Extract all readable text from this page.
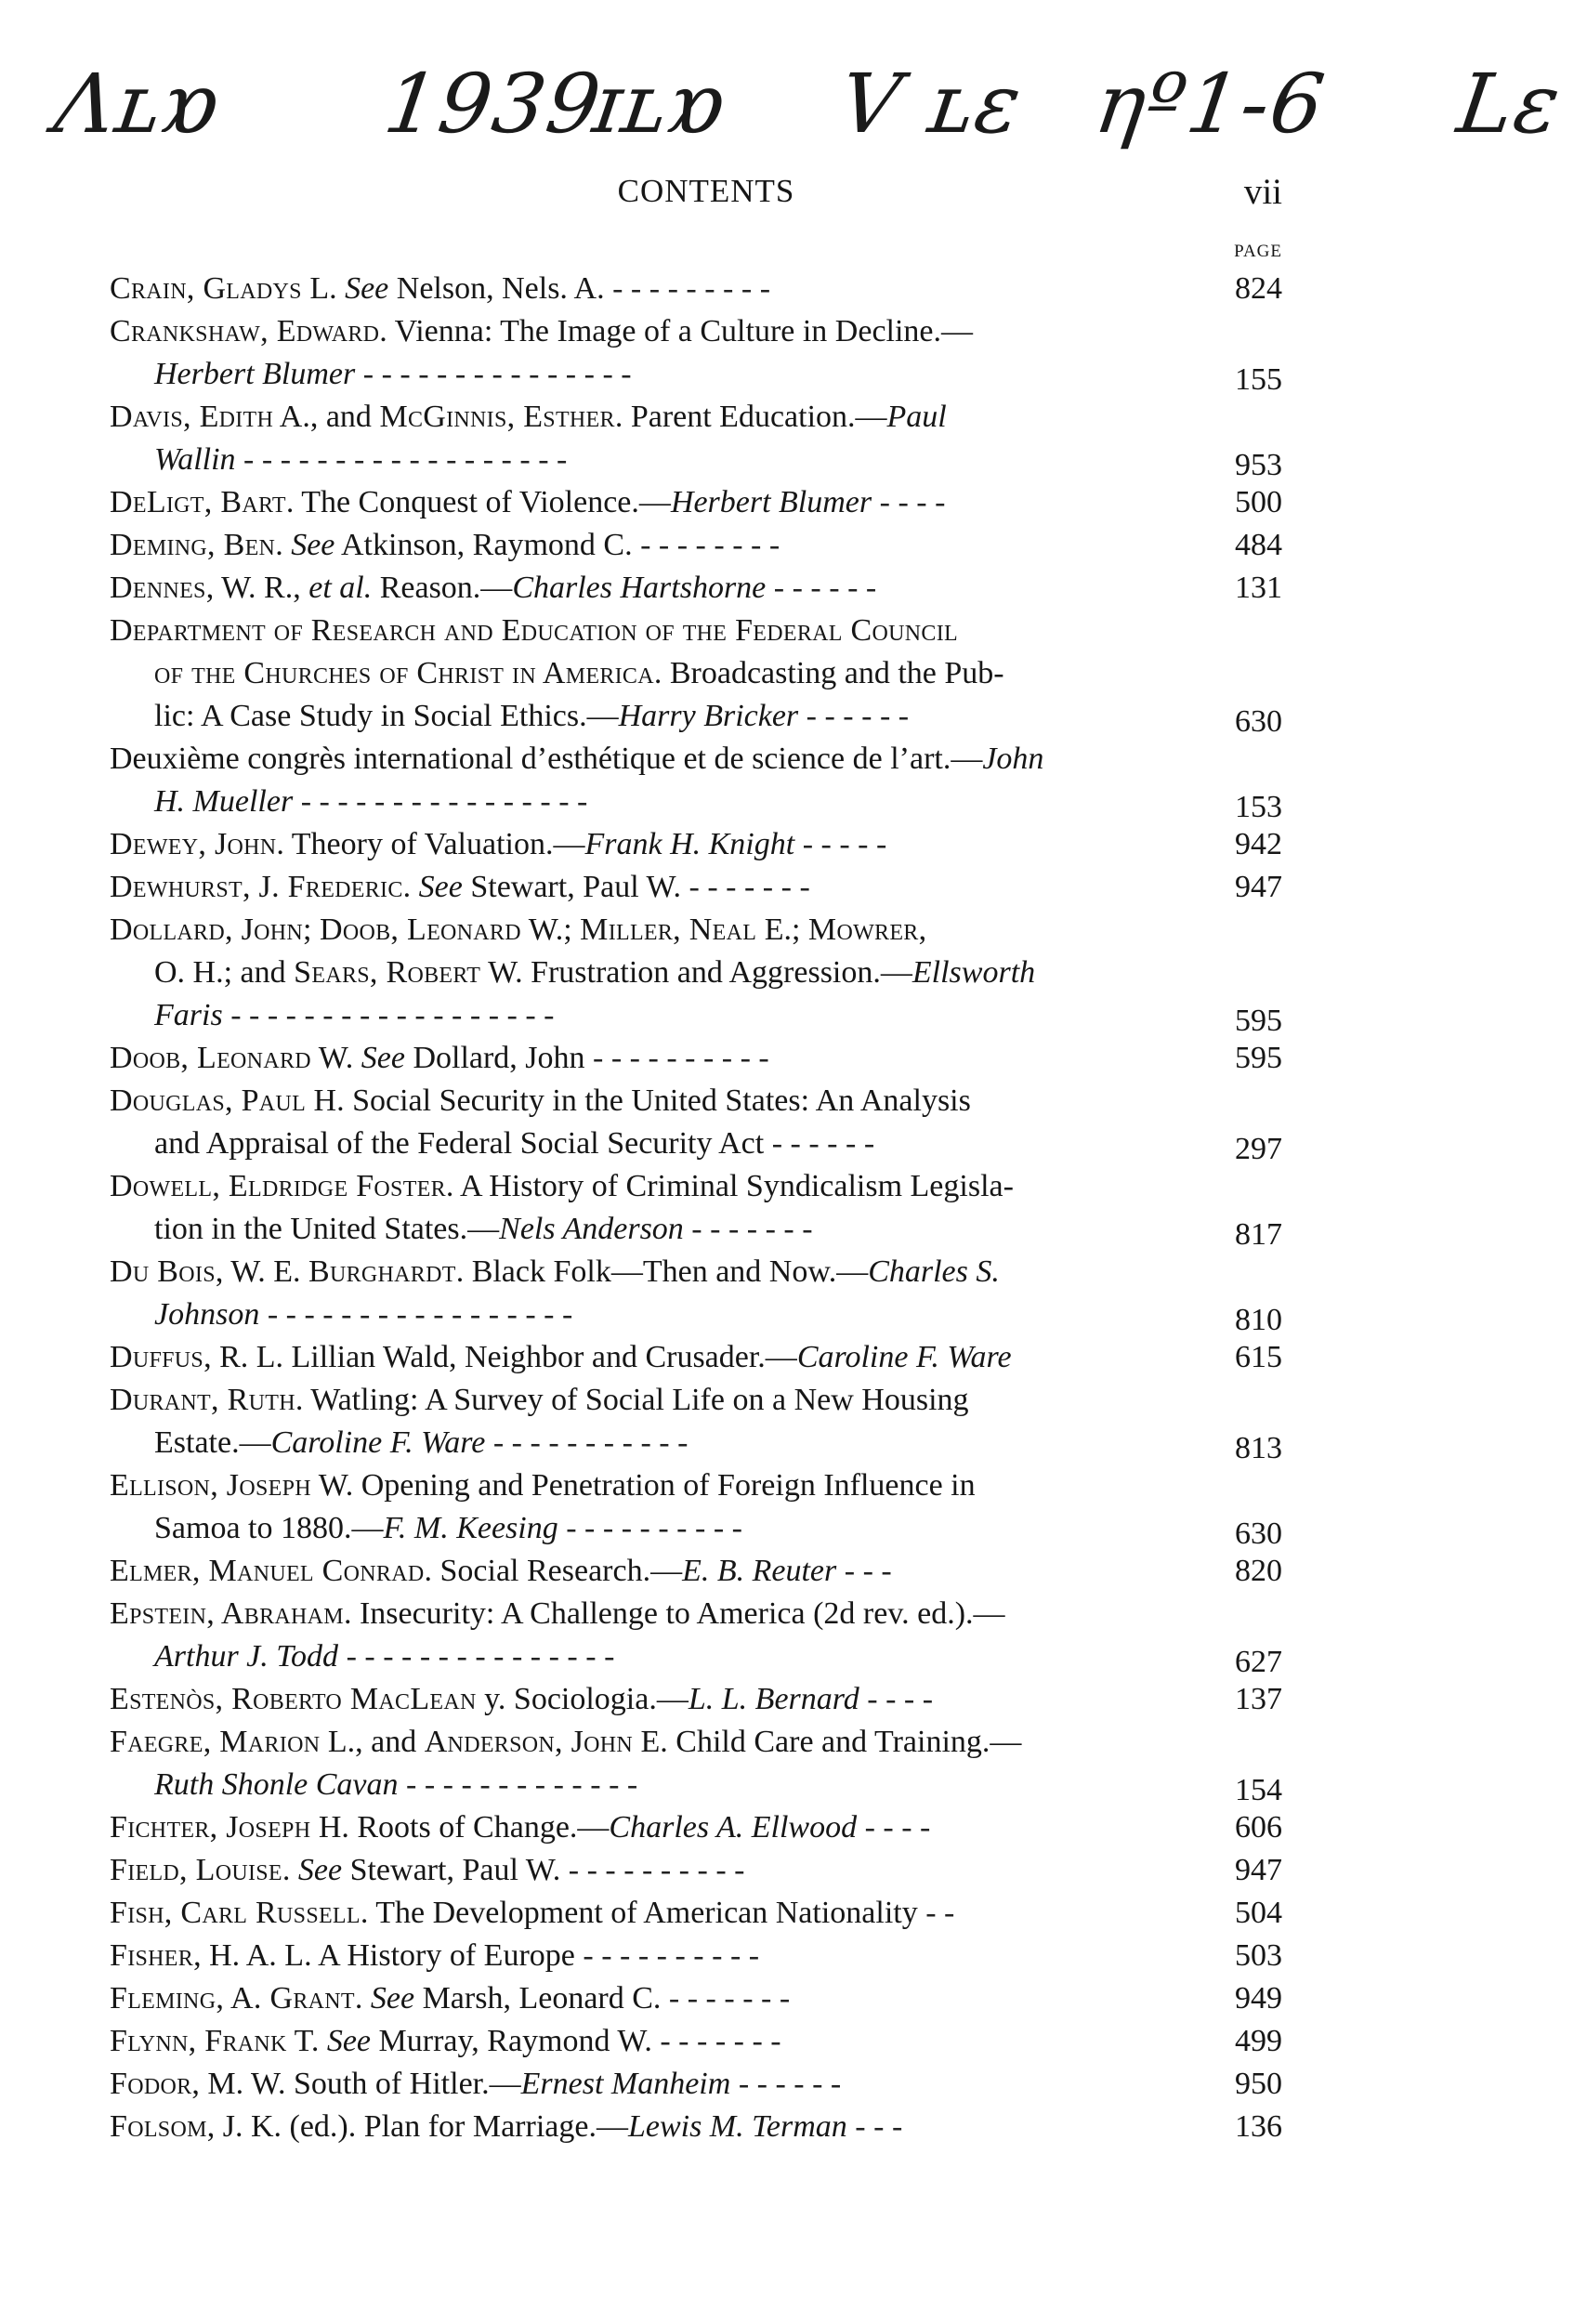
Λʟɒ 1939
ɪʟɒ V ʟε ηº1-6 Lε
CONTENTS	vii
PAGE
Crain, Gladys L. See Nelson, Nels. A. - - - - - - - - -	824
Crankshaw, Edward. Vienna: The Image of a Culture in Decline.—
Herbert Blumer - - - - - - - - - - - - - - -	155
Davis, Edith A., and McGinnis, Esther. Parent Education.—Paul
Wallin - - - - - - - - - - - - - - - - - -	953
DeLigt, Bart. The Conquest of Violence.—Herbert Blumer - - - -	500
Deming, Ben. See Atkinson, Raymond C. - - - - - - - -	484
Dennes, W. R., et al. Reason.—Charles Hartshorne - - - - - -	131
Department of Research and Education of the Federal Council
of the Churches of Christ in America. Broadcasting and the Pub-
lic: A Case Study in Social Ethics.—Harry Bricker - - - - - -	630
Deuxième congrès international d’esthétique et de science de l’art.—John
H. Mueller - - - - - - - - - - - - - - - -	153
Dewey, John. Theory of Valuation.—Frank H. Knight - - - - -	942
Dewhurst, J. Frederic. See Stewart, Paul W. - - - - - - -	947
Dollard, John; Doob, Leonard W.; Miller, Neal E.; Mowrer,
O. H.; and Sears, Robert W. Frustration and Aggression.—Ellsworth
Faris - - - - - - - - - - - - - - - - - -	595
Doob, Leonard W. See Dollard, John - - - - - - - - - -	595
Douglas, Paul H. Social Security in the United States: An Analysis
and Appraisal of the Federal Social Security Act - - - - - -	297
Dowell, Eldridge Foster. A History of Criminal Syndicalism Legisla-
tion in the United States.—Nels Anderson - - - - - - -	817
Du Bois, W. E. Burghardt. Black Folk—Then and Now.—Charles S.
Johnson - - - - - - - - - - - - - - - - -	810
Duffus, R. L. Lillian Wald, Neighbor and Crusader.—Caroline F. Ware	615
Durant, Ruth. Watling: A Survey of Social Life on a New Housing
Estate.—Caroline F. Ware - - - - - - - - - - -	813
Ellison, Joseph W. Opening and Penetration of Foreign Influence in
Samoa to 1880.—F. M. Keesing - - - - - - - - - -	630
Elmer, Manuel Conrad. Social Research.—E. B. Reuter - - -	820
Epstein, Abraham. Insecurity: A Challenge to America (2d rev. ed.).—
Arthur J. Todd - - - - - - - - - - - - - - -	627
Estenòs, Roberto MacLean y. Sociologia.—L. L. Bernard - - - -	137
Faegre, Marion L., and Anderson, John E. Child Care and Training.—
Ruth Shonle Cavan - - - - - - - - - - - - -	154
Fichter, Joseph H. Roots of Change.—Charles A. Ellwood - - - -	606
Field, Louise. See Stewart, Paul W. - - - - - - - - - -	947
Fish, Carl Russell. The Development of American Nationality - -	504
Fisher, H. A. L. A History of Europe - - - - - - - - - -	503
Fleming, A. Grant. See Marsh, Leonard C. - - - - - - -	949
Flynn, Frank T. See Murray, Raymond W. - - - - - - -	499
Fodor, M. W. South of Hitler.—Ernest Manheim - - - - - -	950
Folsom, J. K. (ed.). Plan for Marriage.—Lewis M. Terman - - -	136
